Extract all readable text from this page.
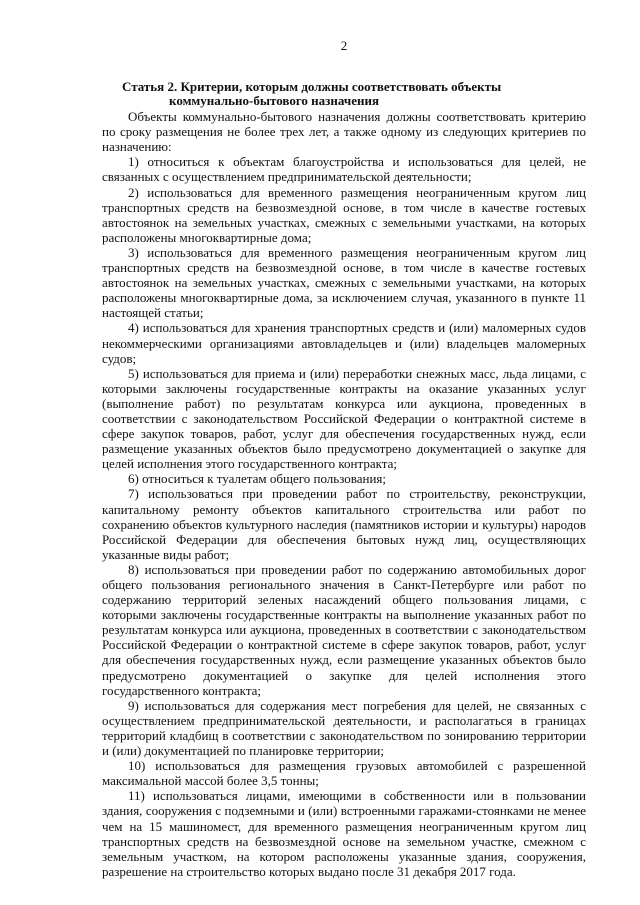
2
Статья 2. Критерии, которым должны соответствовать объекты
коммунально-бытового назначения

Объекты коммунально-бытового назначения должны соответствовать критерию по сроку размещения не более трех лет, а также одному из следующих критериев по назначению:

1) относиться к объектам благоустройства и использоваться для целей, не связанных с осуществлением предпринимательской деятельности;

2) использоваться для временного размещения неограниченным кругом лиц транспортных средств на безвозмездной основе, в том числе в качестве гостевых автостоянок на земельных участках, смежных с земельными участками, на которых расположены многоквартирные дома;

3) использоваться для временного размещения неограниченным кругом лиц транспортных средств на безвозмездной основе, в том числе в качестве гостевых автостоянок на земельных участках, смежных с земельными участками, на которых расположены многоквартирные дома, за исключением случая, указанного в пункте 11 настоящей статьи;

4) использоваться для хранения транспортных средств и (или) маломерных судов некоммерческими организациями автовладельцев и (или) владельцев маломерных судов;

5) использоваться для приема и (или) переработки снежных масс, льда лицами, с которыми заключены государственные контракты на оказание указанных услуг (выполнение работ) по результатам конкурса или аукциона, проведенных в соответствии с законодательством Российской Федерации о контрактной системе в сфере закупок товаров, работ, услуг для обеспечения государственных нужд, если размещение указанных объектов было предусмотрено документацией о закупке для целей исполнения этого государственного контракта;

6) относиться к туалетам общего пользования;

7) использоваться при проведении работ по строительству, реконструкции, капитальному ремонту объектов капитального строительства или работ по сохранению объектов культурного наследия (памятников истории и культуры) народов Российской Федерации для обеспечения бытовых нужд лиц, осуществляющих указанные виды работ;

8) использоваться при проведении работ по содержанию автомобильных дорог общего пользования регионального значения в Санкт-Петербурге или работ по содержанию территорий зеленых насаждений общего пользования лицами, с которыми заключены государственные контракты на выполнение указанных работ по результатам конкурса или аукциона, проведенных в соответствии с законодательством Российской Федерации о контрактной системе в сфере закупок товаров, работ, услуг для обеспечения государственных нужд, если размещение указанных объектов было предусмотрено документацией о закупке для целей исполнения этого государственного контракта;

9) использоваться для содержания мест погребения для целей, не связанных с осуществлением предпринимательской деятельности, и располагаться в границах территорий кладбищ в соответствии с законодательством по зонированию территории и (или) документацией по планировке территории;

10) использоваться для размещения грузовых автомобилей с разрешенной максимальной массой более 3,5 тонны;

11) использоваться лицами, имеющими в собственности или в пользовании здания, сооружения с подземными и (или) встроенными гаражами-стоянками не менее чем на 15 машиномест, для временного размещения неограниченным кругом лиц транспортных средств на безвозмездной основе на земельном участке, смежном с земельным участком, на котором расположены указанные здания, сооружения, разрешение на строительство которых выдано после 31 декабря 2017 года.
